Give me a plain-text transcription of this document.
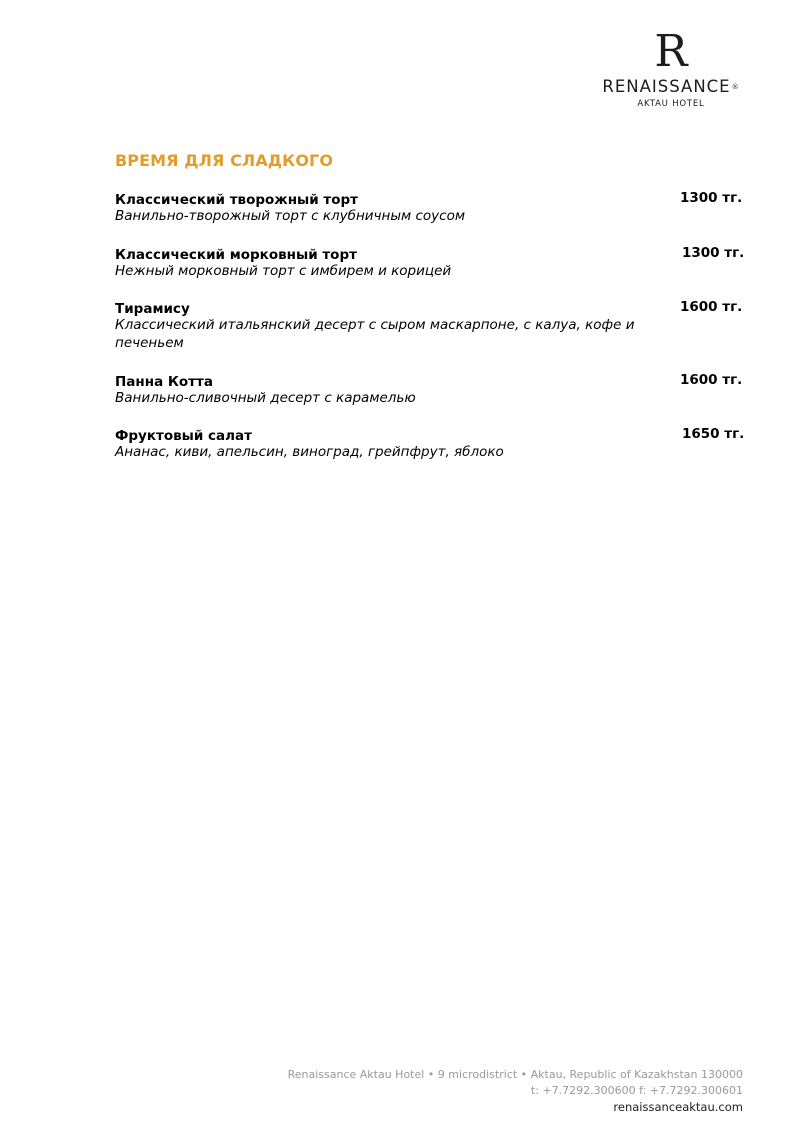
R
RENAISSANCE®
AKTAU HOTEL
ВРЕМЯ ДЛЯ СЛАДКОГО
Классический творожный торт	1300 тг.
Ванильно-творожный торт с клубничным соусом
Классический морковный торт	1300 тг.
Нежный морковный торт с имбирем и корицей
Тирамису	1600 тг.
Классический итальянский десерт с сыром маскарпоне, с калуа, кофе и печеньем
Панна Котта	1600 тг.
Ванильно-сливочный десерт с карамелью
Фруктовый салат	1650 тг.
Ананас, киви, апельсин, виноград, грейпфрут, яблоко
Renaissance Aktau Hotel • 9 microdistrict • Aktau, Republic of Kazakhstan 130000
t: +7.7292.300600 f: +7.7292.300601
renaissanceaktau.com
